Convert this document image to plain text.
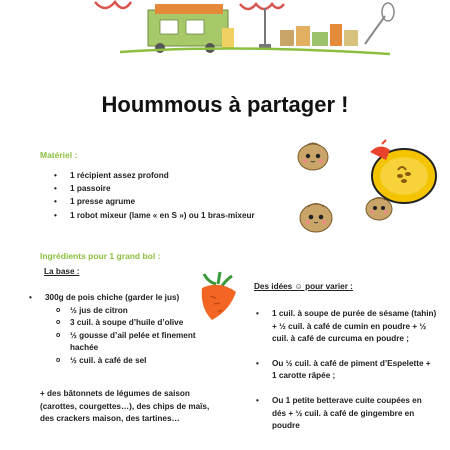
Hoummous à partager !
Matériel :
• 1 récipient assez profond
• 1 passoire
• 1 presse agrume
• 1 robot mixeur (lame « en S ») ou 1 bras-mixeur
Ingrédients pour 1 grand bol :
La base :
• 300g de pois chiche (garder le jus)
o ½ jus de citron
o 3 cuil. à soupe d’huile d’olive
o ½ gousse d’ail pelée et finement hachée
o ½ cuil. à café de sel
+ des bâtonnets de légumes de saison (carottes, courgettes…), des chips de maïs, des crackers maison, des tartines…
Des idées ☺ pour varier :
• 1 cuil. à soupe de purée de sésame (tahin) + ½ cuil. à café de cumin en poudre + ½ cuil. à café de curcuma en poudre ;
• Ou ½ cuil. à café de piment d’Espelette + 1 carotte râpée ;
• Ou 1 petite betterave cuite coupées en dés + ½ cuil. à café de gingembre en poudre
